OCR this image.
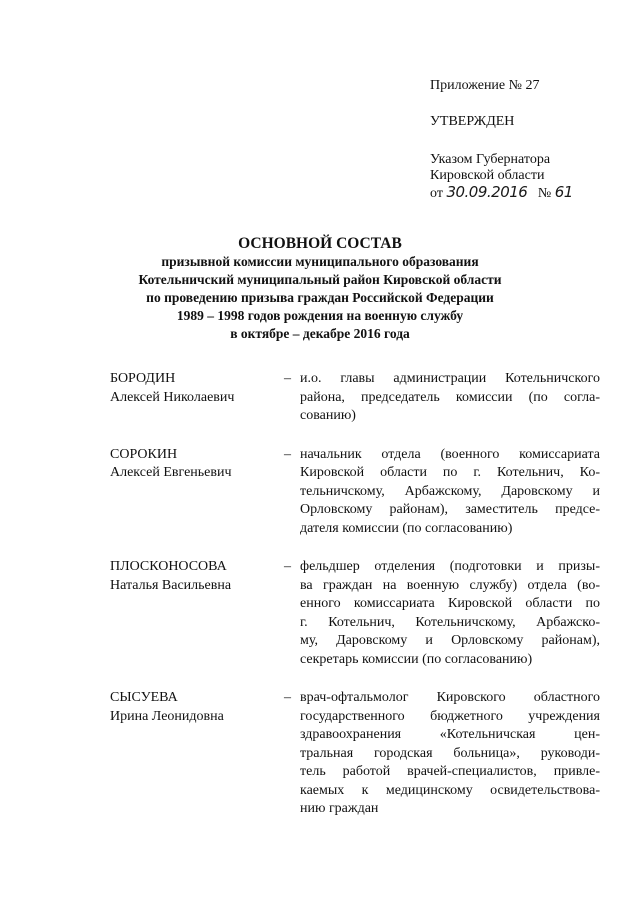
Приложение № 27
УТВЕРЖДЕН
Указом Губернатора
Кировской области
от 30.09.2016 № 61
ОСНОВНОЙ СОСТАВ
призывной комиссии муниципального образования
Котельничский муниципальный район Кировской области
по проведению призыва граждан Российской Федерации
1989 – 1998 годов рождения на военную службу
в октябре – декабре 2016 года
БОРОДИН
Алексей Николаевич
– и.о. главы администрации Котельничского
района, председатель комиссии (по согла-
сованию)
СОРОКИН
Алексей Евгеньевич
– начальник отдела (военного комиссариата
Кировской области по г. Котельнич, Ко-
тельничскому, Арбажскому, Даровскому и
Орловскому районам), заместитель предсе-
дателя комиссии (по согласованию)
ПЛОСКОНОСОВА
Наталья Васильевна
– фельдшер отделения (подготовки и призы-
ва граждан на военную службу) отдела (во-
енного комиссариата Кировской области по
г. Котельнич, Котельничскому, Арбажско-
му, Даровскому и Орловскому районам),
секретарь комиссии (по согласованию)
СЫСУЕВА
Ирина Леонидовна
– врач-офтальмолог Кировского областного
государственного бюджетного учреждения
здравоохранения «Котельничская цен-
тральная городская больница», руководи-
тель работой врачей-специалистов, привле-
каемых к медицинскому освидетельствова-
нию граждан
